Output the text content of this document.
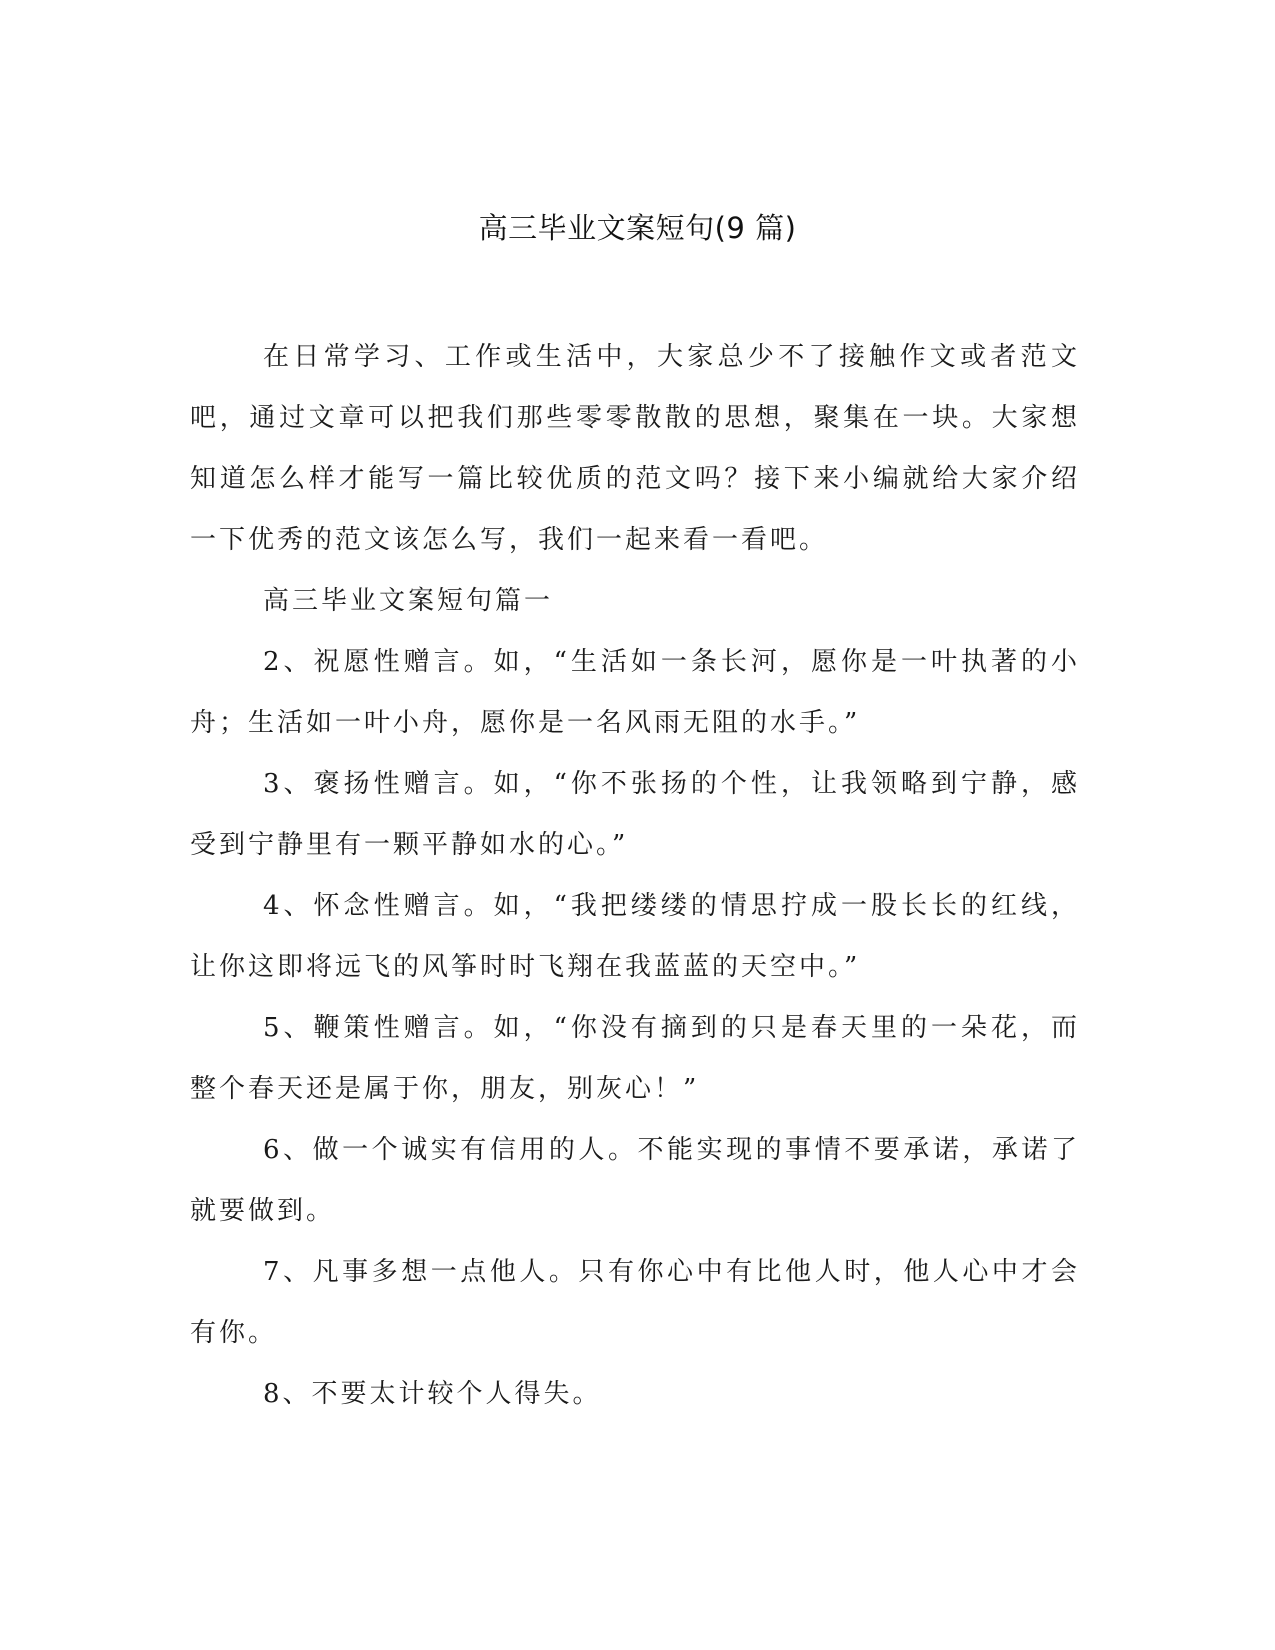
高三毕业文案短句(9 篇)

在日常学习、工作或生活中，大家总少不了接触作文或者范文吧，通过文章可以把我们那些零零散散的思想，聚集在一块。大家想知道怎么样才能写一篇比较优质的范文吗？接下来小编就给大家介绍一下优秀的范文该怎么写，我们一起来看一看吧。

高三毕业文案短句篇一

2、祝愿性赠言。如，“生活如一条长河，愿你是一叶执著的小舟；生活如一叶小舟，愿你是一名风雨无阻的水手。”

3、褒扬性赠言。如，“你不张扬的个性，让我领略到宁静，感受到宁静里有一颗平静如水的心。”

4、怀念性赠言。如，“我把缕缕的情思拧成一股长长的红线，让你这即将远飞的风筝时时飞翔在我蓝蓝的天空中。”

5、鞭策性赠言。如，“你没有摘到的只是春天里的一朵花，而整个春天还是属于你，朋友，别灰心！”

6、做一个诚实有信用的人。不能实现的事情不要承诺，承诺了就要做到。

7、凡事多想一点他人。只有你心中有比他人时，他人心中才会有你。

8、不要太计较个人得失。
